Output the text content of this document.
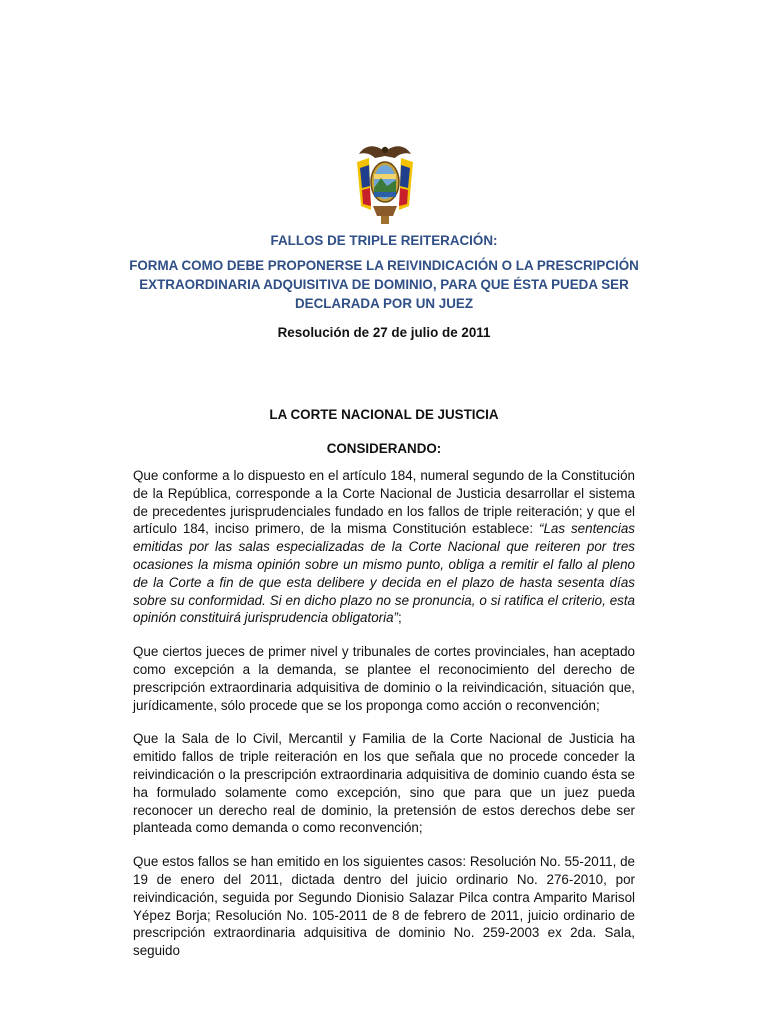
FALLOS DE TRIPLE REITERACIÓN:
FORMA COMO DEBE PROPONERSE LA REIVINDICACIÓN O LA PRESCRIPCIÓN EXTRAORDINARIA ADQUISITIVA DE DOMINIO, PARA QUE ÉSTA PUEDA SER DECLARADA POR UN JUEZ
Resolución de 27 de julio de 2011
LA CORTE NACIONAL DE JUSTICIA
CONSIDERANDO:

Que conforme a lo dispuesto en el artículo 184, numeral segundo de la Constitución de la República, corresponde a la Corte Nacional de Justicia desarrollar el sistema de precedentes jurisprudenciales fundado en los fallos de triple reiteración; y que el artículo 184, inciso primero, de la misma Constitución establece: “Las sentencias emitidas por las salas especializadas de la Corte Nacional que reiteren por tres ocasiones la misma opinión sobre un mismo punto, obliga a remitir el fallo al pleno de la Corte a fin de que esta delibere y decida en el plazo de hasta sesenta días sobre su conformidad. Si en dicho plazo no se pronuncia, o si ratifica el criterio, esta opinión constituirá jurisprudencia obligatoria”;

Que ciertos jueces de primer nivel y tribunales de cortes provinciales, han aceptado como excepción a la demanda, se plantee el reconocimiento del derecho de prescripción extraordinaria adquisitiva de dominio o la reivindicación, situación que, jurídicamente, sólo procede que se los proponga como acción o reconvención;

Que la Sala de lo Civil, Mercantil y Familia de la Corte Nacional de Justicia ha emitido fallos de triple reiteración en los que señala que no procede conceder la reivindicación o la prescripción extraordinaria adquisitiva de dominio cuando ésta se ha formulado solamente como excepción, sino que para que un juez pueda reconocer un derecho real de dominio, la pretensión de estos derechos debe ser planteada como demanda o como reconvención;

Que estos fallos se han emitido en los siguientes casos: Resolución No. 55-2011, de 19 de enero del 2011, dictada dentro del juicio ordinario No. 276-2010, por reivindicación, seguida por Segundo Dionisio Salazar Pilca contra Amparito Marisol Yépez Borja; Resolución No. 105-2011 de 8 de febrero de 2011, juicio ordinario de prescripción extraordinaria adquisitiva de dominio No. 259-2003 ex 2da. Sala, seguido
